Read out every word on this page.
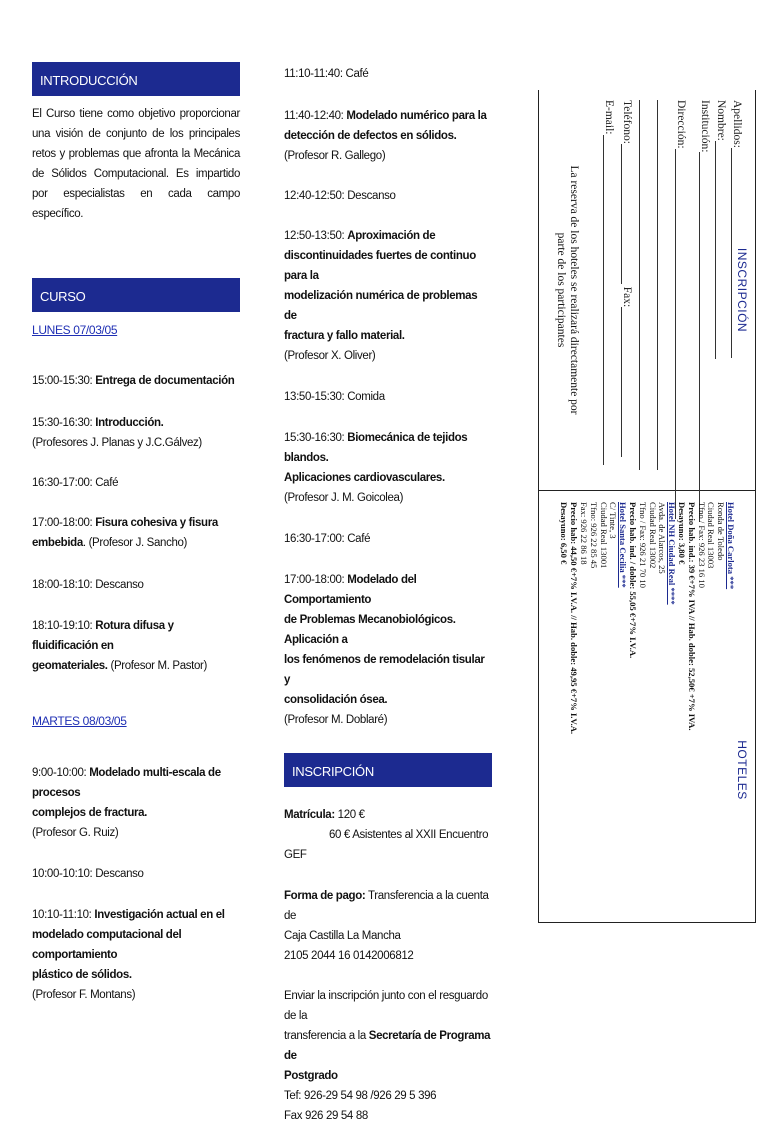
INTRODUCCIÓN
El Curso tiene como objetivo proporcionar una visión de conjunto de los principales retos y problemas que afronta la Mecánica de Sólidos Computacional. Es impartido por especialistas en cada campo específico.
CURSO
LUNES 07/03/05

15:00-15:30: Entrega de documentación

15:30-16:30: Introducción.
(Profesores J. Planas y J.C.Gálvez)

16:30-17:00: Café

17:00-18:00: Fisura cohesiva y fisura
embebida. (Profesor J. Sancho)

18:00-18:10: Descanso

18:10-19:10: Rotura difusa y fluidificación en
geomateriales. (Profesor M. Pastor)

MARTES 08/03/05

9:00-10:00: Modelado multi-escala de procesos
complejos de fractura.
(Profesor G. Ruiz)

10:00-10:10: Descanso

10:10-11:10: Investigación actual en el
modelado computacional del comportamiento
plástico de sólidos.
(Profesor F. Montans)

11:10-11:40: Café

11:40-12:40: Modelado numérico para la
detección de defectos en sólidos.
(Profesor R. Gallego)

12:40-12:50: Descanso

12:50-13:50: Aproximación de
discontinuidades fuertes de continuo para la
modelización numérica de problemas de
fractura y fallo material.
(Profesor X. Oliver)

13:50-15:30: Comida

15:30-16:30: Biomecánica de tejidos blandos.
Aplicaciones cardiovasculares.
(Profesor J. M. Goicolea)

16:30-17:00: Café

17:00-18:00: Modelado del Comportamiento
de Problemas Mecanobiológicos. Aplicación a
los fenómenos de remodelación tisular y
consolidación ósea.
(Profesor M. Doblaré)

INSCRIPCIÓN

Matrícula: 120 €
60 € Asistentes al XXII Encuentro GEF

Forma de pago: Transferencia a la cuenta de
Caja Castilla La Mancha
2105 2044 16 0142006812

Enviar la inscripción junto con el resguardo de la
transferencia a la Secretaría de Programa de
Postgrado
Tef: 926-29 54 98 /926 29 5 396
Fax 926 29 54 88

INSCRIPCIÓN
HOTELES
Apellidos:
Nombre:
Institución:
Dirección:
Teléfono: Fax:
E-mail:
La reserva de los hoteles se realizará directamente por
parte de los participantes
Hotel Doña Carlota ***
Ronda de Toledo
Ciudad Real 13003
Tfno / Fax: 926 23 16 10
Precio hab. ind.: 39 €+7% IVA // Hab. doble: 52,50€ +7% IVA.
Desayuno: 3,80 €
Hotel NH Ciudad Real ****
Avda. de Alarcos, 25
Ciudad Real 13002
Tfno / Fax: 926 21 70 10
Precio hab. ind. / doble: 55,05 €+7% I.V.A.
Hotel Santa Cecilia ***
C/ Tinte, 3
Ciudad Real 13001
Tfno: 926 22 85 45
Fax: 926 22 86 18
Precio hab: 44,50 €+7% I.V.A. // Hab. doble: 49,95 €+7% I.V.A.
Desayuno: 6,50 €
